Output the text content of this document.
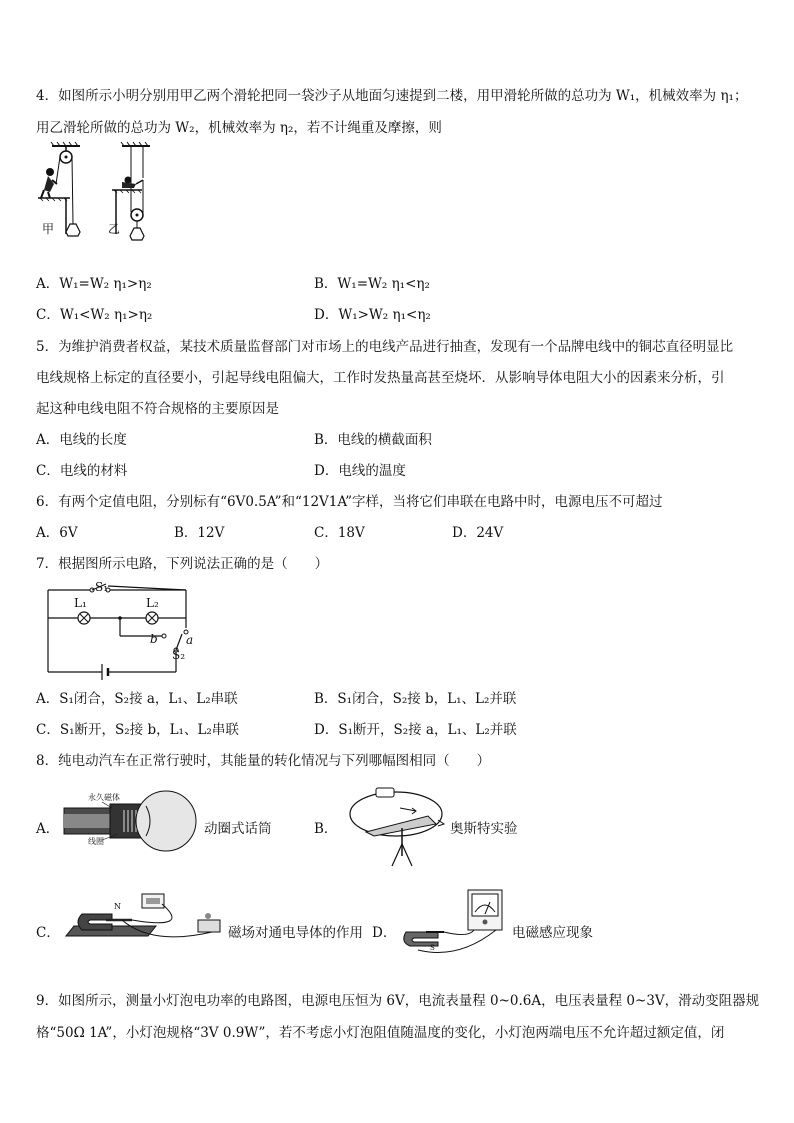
4．如图所示小明分别用甲乙两个滑轮把同一袋沙子从地面匀速提到二楼，用甲滑轮所做的总功为 W₁，机械效率为 η₁；
用乙滑轮所做的总功为 W₂，机械效率为 η₂，若不计绳重及摩擦，则
甲	乙
A．W₁=W₂ η₁>η₂	B．W₁=W₂ η₁<η₂
C．W₁<W₂ η₁>η₂	D．W₁>W₂ η₁<η₂
5．为维护消费者权益，某技术质量监督部门对市场上的电线产品进行抽查，发现有一个品牌电线中的铜芯直径明显比
电线规格上标定的直径要小，引起导线电阻偏大，工作时发热量高甚至烧坏．从影响导体电阻大小的因素来分析，引
起这种电线电阻不符合规格的主要原因是
A．电线的长度	B．电线的横截面积
C．电线的材料	D．电线的温度
6．有两个定值电阻，分别标有“6V0.5A”和“12V1A”字样，当将它们串联在电路中时，电源电压不可超过
A．6V	B．12V	C．18V	D．24V
7．根据图所示电路，下列说法正确的是（　　）
S₁
L₁	L₂
b a
S₂
A．S₁闭合，S₂接 a，L₁、L₂串联	B．S₁闭合，S₂接 b，L₁、L₂并联
C．S₁断开，S₂接 b，L₁、L₂串联	D．S₁断开，S₂接 a，L₁、L₂并联
8．纯电动汽车在正常行驶时，其能量的转化情况与下列哪幅图相同（　　）
A．
永久磁体
线圈
动圈式话筒	B．	奥斯特实验
C．
N
磁场对通电导体的作用 D．
S
电磁感应现象
9．如图所示，测量小灯泡电功率的电路图，电源电压恒为 6V，电流表量程 0~0.6A，电压表量程 0~3V，滑动变阻器规
格“50Ω 1A”，小灯泡规格“3V 0.9W”，若不考虑小灯泡阻值随温度的变化，小灯泡两端电压不允许超过额定值，闭
